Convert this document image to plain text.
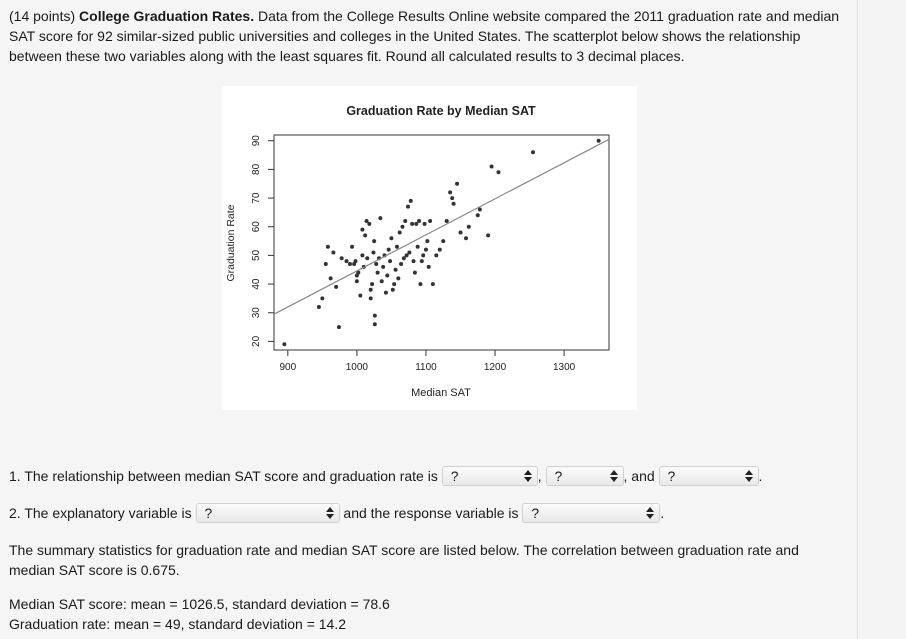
(14 points) College Graduation Rates. Data from the College Results Online website compared the 2011 graduation rate and median SAT score for 92 similar-sized public universities and colleges in the United States. The scatterplot below shows the relationship between these two variables along with the least squares fit. Round all calculated results to 3 decimal places.
Graduation Rate by Median SAT
Median SAT
Graduation Rate
900	1000	1100	1200	1300
20
30
40
50
60
70
80
90
1. The relationship between median SAT score and graduation rate is ?	, ?	, and ?	.
2. The explanatory variable is ?	and the response variable is ?	.
The summary statistics for graduation rate and median SAT score are listed below. The correlation between graduation rate and median SAT score is 0.675.
Median SAT score: mean = 1026.5, standard deviation = 78.6
Graduation rate: mean = 49, standard deviation = 14.2
